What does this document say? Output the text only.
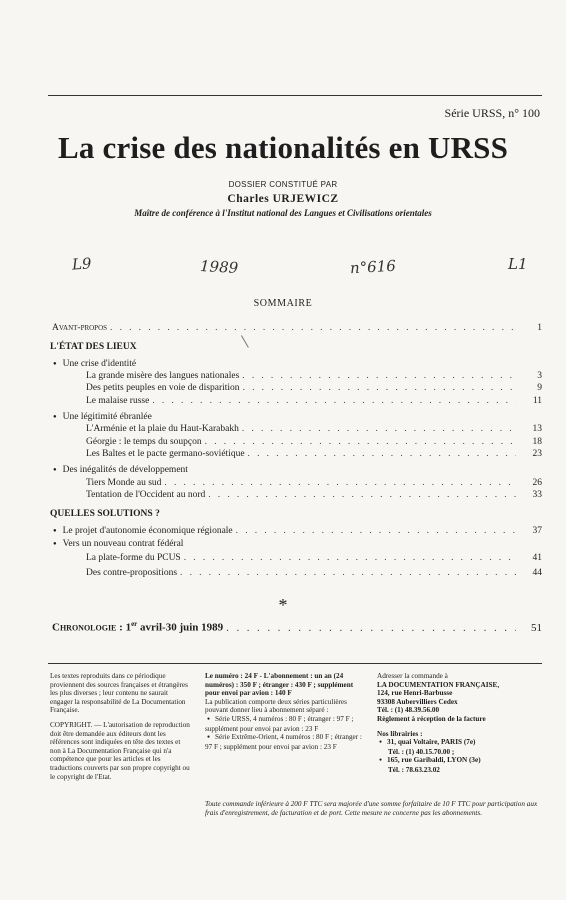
Série URSS, n° 100
La crise des nationalités en URSS
DOSSIER CONSTITUÉ PAR
Charles URJEWICZ
Maître de conférence à l'Institut national des Langues et Civilisations orientales
L9	1989	n°616	L1
SOMMAIRE
Avant-propos . . .	1
L'ÉTAT DES LIEUX
● Une crise d'identité
La grande misère des langues nationales . . .	3
Des petits peuples en voie de disparition . . .	9
Le malaise russe . . .	11
● Une légitimité ébranlée
L'Arménie et la plaie du Haut-Karabakh . . .	13
Géorgie : le temps du soupçon . . .	18
Les Baltes et le pacte germano-soviétique . . .	23
● Des inégalités de développement
Tiers Monde au sud . . .	26
Tentation de l'Occident au nord . . .	33
QUELLES SOLUTIONS ?
● Le projet d'autonomie économique régionale . . .	37
● Vers un nouveau contrat fédéral
La plate-forme du PCUS . . .	41
Des contre-propositions . . .	44
*
Chronologie : 1er avril-30 juin 1989 . . .	51

Les textes reproduits dans ce périodique proviennent des sources françaises et étrangères les plus diverses ; leur contenu ne saurait engager la responsabilité de La Documentation Française.

COPYRIGHT. — L'autorisation de reproduction doit être demandée aux éditeurs dont les références sont indiquées en tête des textes et non à La Documentation Française qui n'a compétence que pour les articles et les traductions couverts par son propre copyright ou le copyright de l'Etat.

Le numéro : 24 F - L'abonnement : un an (24 numéros) : 350 F ; étranger : 430 F ; supplément pour envoi par avion : 140 F
La publication comporte deux séries particulières pouvant donner lieu à abonnement séparé :
● Série URSS, 4 numéros : 80 F ; étranger : 97 F ; supplément pour envoi par avion : 23 F
● Série Extrême-Orient, 4 numéros : 80 F ; étranger : 97 F ; supplément pour envoi par avion : 23 F
Adresser la commande à
LA DOCUMENTATION FRANÇAISE,
124, rue Henri-Barbusse
93308 Aubervilliers Cedex
Tél. : (1) 48.39.56.00
Règlement à réception de la facture
Nos librairies :
● 31, quai Voltaire, PARIS (7e)
Tél. : (1) 40.15.70.00 ;
● 165, rue Garibaldi, LYON (3e)
Tél. : 78.63.23.02
Toute commande inférieure à 200 F TTC sera majorée d'une somme forfaitaire de 10 F TTC pour participation aux frais d'enregistrement, de facturation et de port. Cette mesure ne concerne pas les abonnements.
